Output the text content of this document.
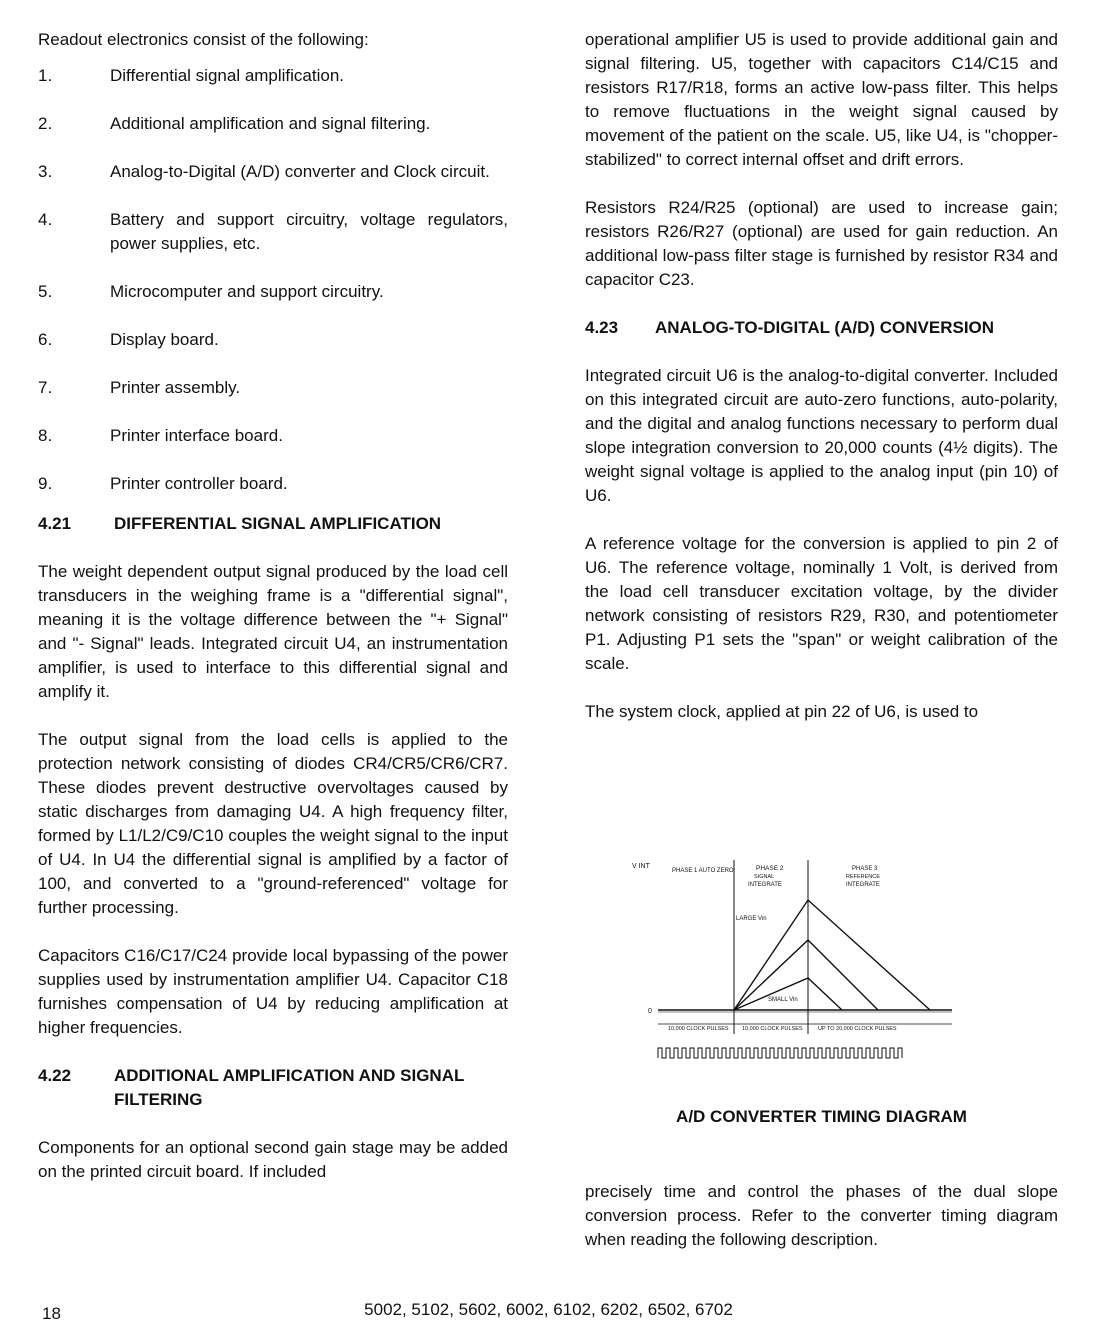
Readout electronics consist of the following:

1.	Differential signal amplification.
2.	Additional amplification and signal filtering.
3.	Analog-to-Digital (A/D) converter and Clock circuit.
4.	Battery and support circuitry, voltage regulators, power supplies, etc.
5.	Microcomputer and support circuitry.
6.	Display board.
7.	Printer assembly.
8.	Printer interface board.
9.	Printer controller board.
4.21	DIFFERENTIAL SIGNAL AMPLIFICATION

The weight dependent output signal produced by the load cell transducers in the weighing frame is a "differential signal", meaning it is the voltage difference between the "+ Signal" and "- Signal" leads. Integrated circuit U4, an instrumentation amplifier, is used to interface to this differential signal and amplify it.

The output signal from the load cells is applied to the protection network consisting of diodes CR4/CR5/CR6/CR7. These diodes prevent destructive overvoltages caused by static discharges from damaging U4. A high frequency filter, formed by L1/L2/C9/C10 couples the weight signal to the input of U4. In U4 the differential signal is amplified by a factor of 100, and converted to a "ground-referenced" voltage for further processing.

Capacitors C16/C17/C24 provide local bypassing of the power supplies used by instrumentation amplifier U4. Capacitor C18 furnishes compensation of U4 by reducing amplification at higher frequencies.

4.22	ADDITIONAL AMPLIFICATION AND SIGNAL FILTERING

Components for an optional second gain stage may be added on the printed circuit board. If included

operational amplifier U5 is used to provide additional gain and signal filtering. U5, together with capacitors C14/C15 and resistors R17/R18, forms an active low-pass filter. This helps to remove fluctuations in the weight signal caused by movement of the patient on the scale. U5, like U4, is "chopper-stabilized" to correct internal offset and drift errors.

Resistors R24/R25 (optional) are used to increase gain; resistors R26/R27 (optional) are used for gain reduction. An additional low-pass filter stage is furnished by resistor R34 and capacitor C23.

4.23	ANALOG-TO-DIGITAL (A/D) CONVERSION

Integrated circuit U6 is the analog-to-digital converter. Included on this integrated circuit are auto-zero functions, auto-polarity, and the digital and analog functions necessary to perform dual slope integration conversion to 20,000 counts (4½ digits). The weight signal voltage is applied to the analog input (pin 10) of U6.

A reference voltage for the conversion is applied to pin 2 of U6. The reference voltage, nominally 1 Volt, is derived from the load cell transducer excitation voltage, by the divider network consisting of resistors R29, R30, and potentiometer P1. Adjusting P1 sets the "span" or weight calibration of the scale.

The system clock, applied at pin 22 of U6, is used to

V INT
0
PHASE 1 AUTO ZERO	PHASE 2
SIGNAL
INTEGRATE
PHASE 3
REFERENCE
INTEGRATE
LARGE Vin
SMALL Vin
10,000 CLOCK PULSES 10,000 CLOCK PULSES	UP TO 20,000 CLOCK PULSES
A/D CONVERTER TIMING DIAGRAM

precisely time and control the phases of the dual slope conversion process. Refer to the converter timing diagram when reading the following description.

18	5002, 5102, 5602, 6002, 6102, 6202, 6502, 6702
